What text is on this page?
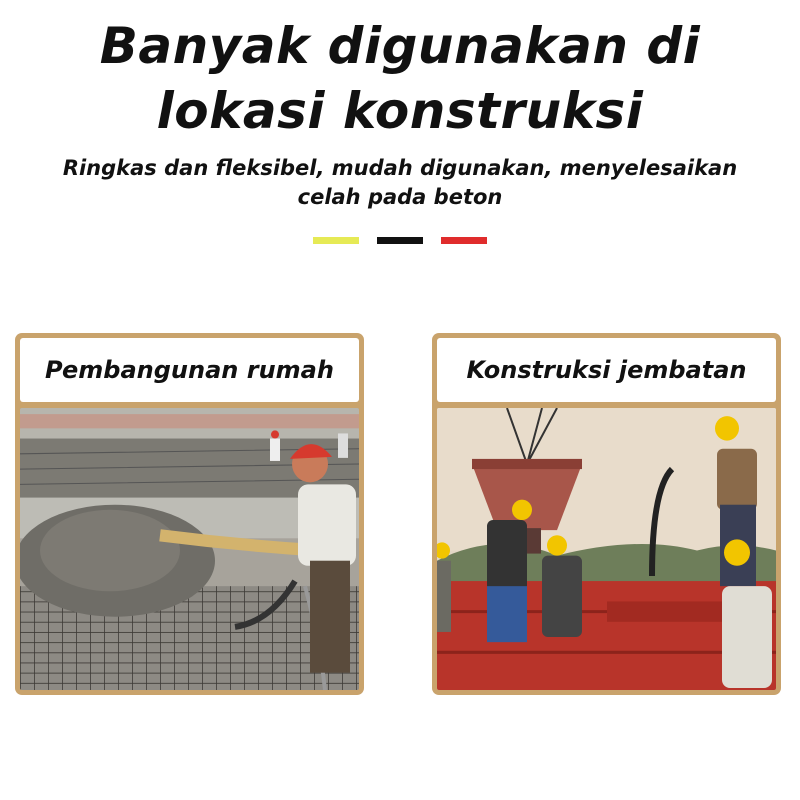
Banyak digunakan di
lokasi konstruksi
Ringkas dan fleksibel, mudah digunakan, menyelesaikan
celah pada beton
Pembangunan rumah	Konstruksi jembatan
